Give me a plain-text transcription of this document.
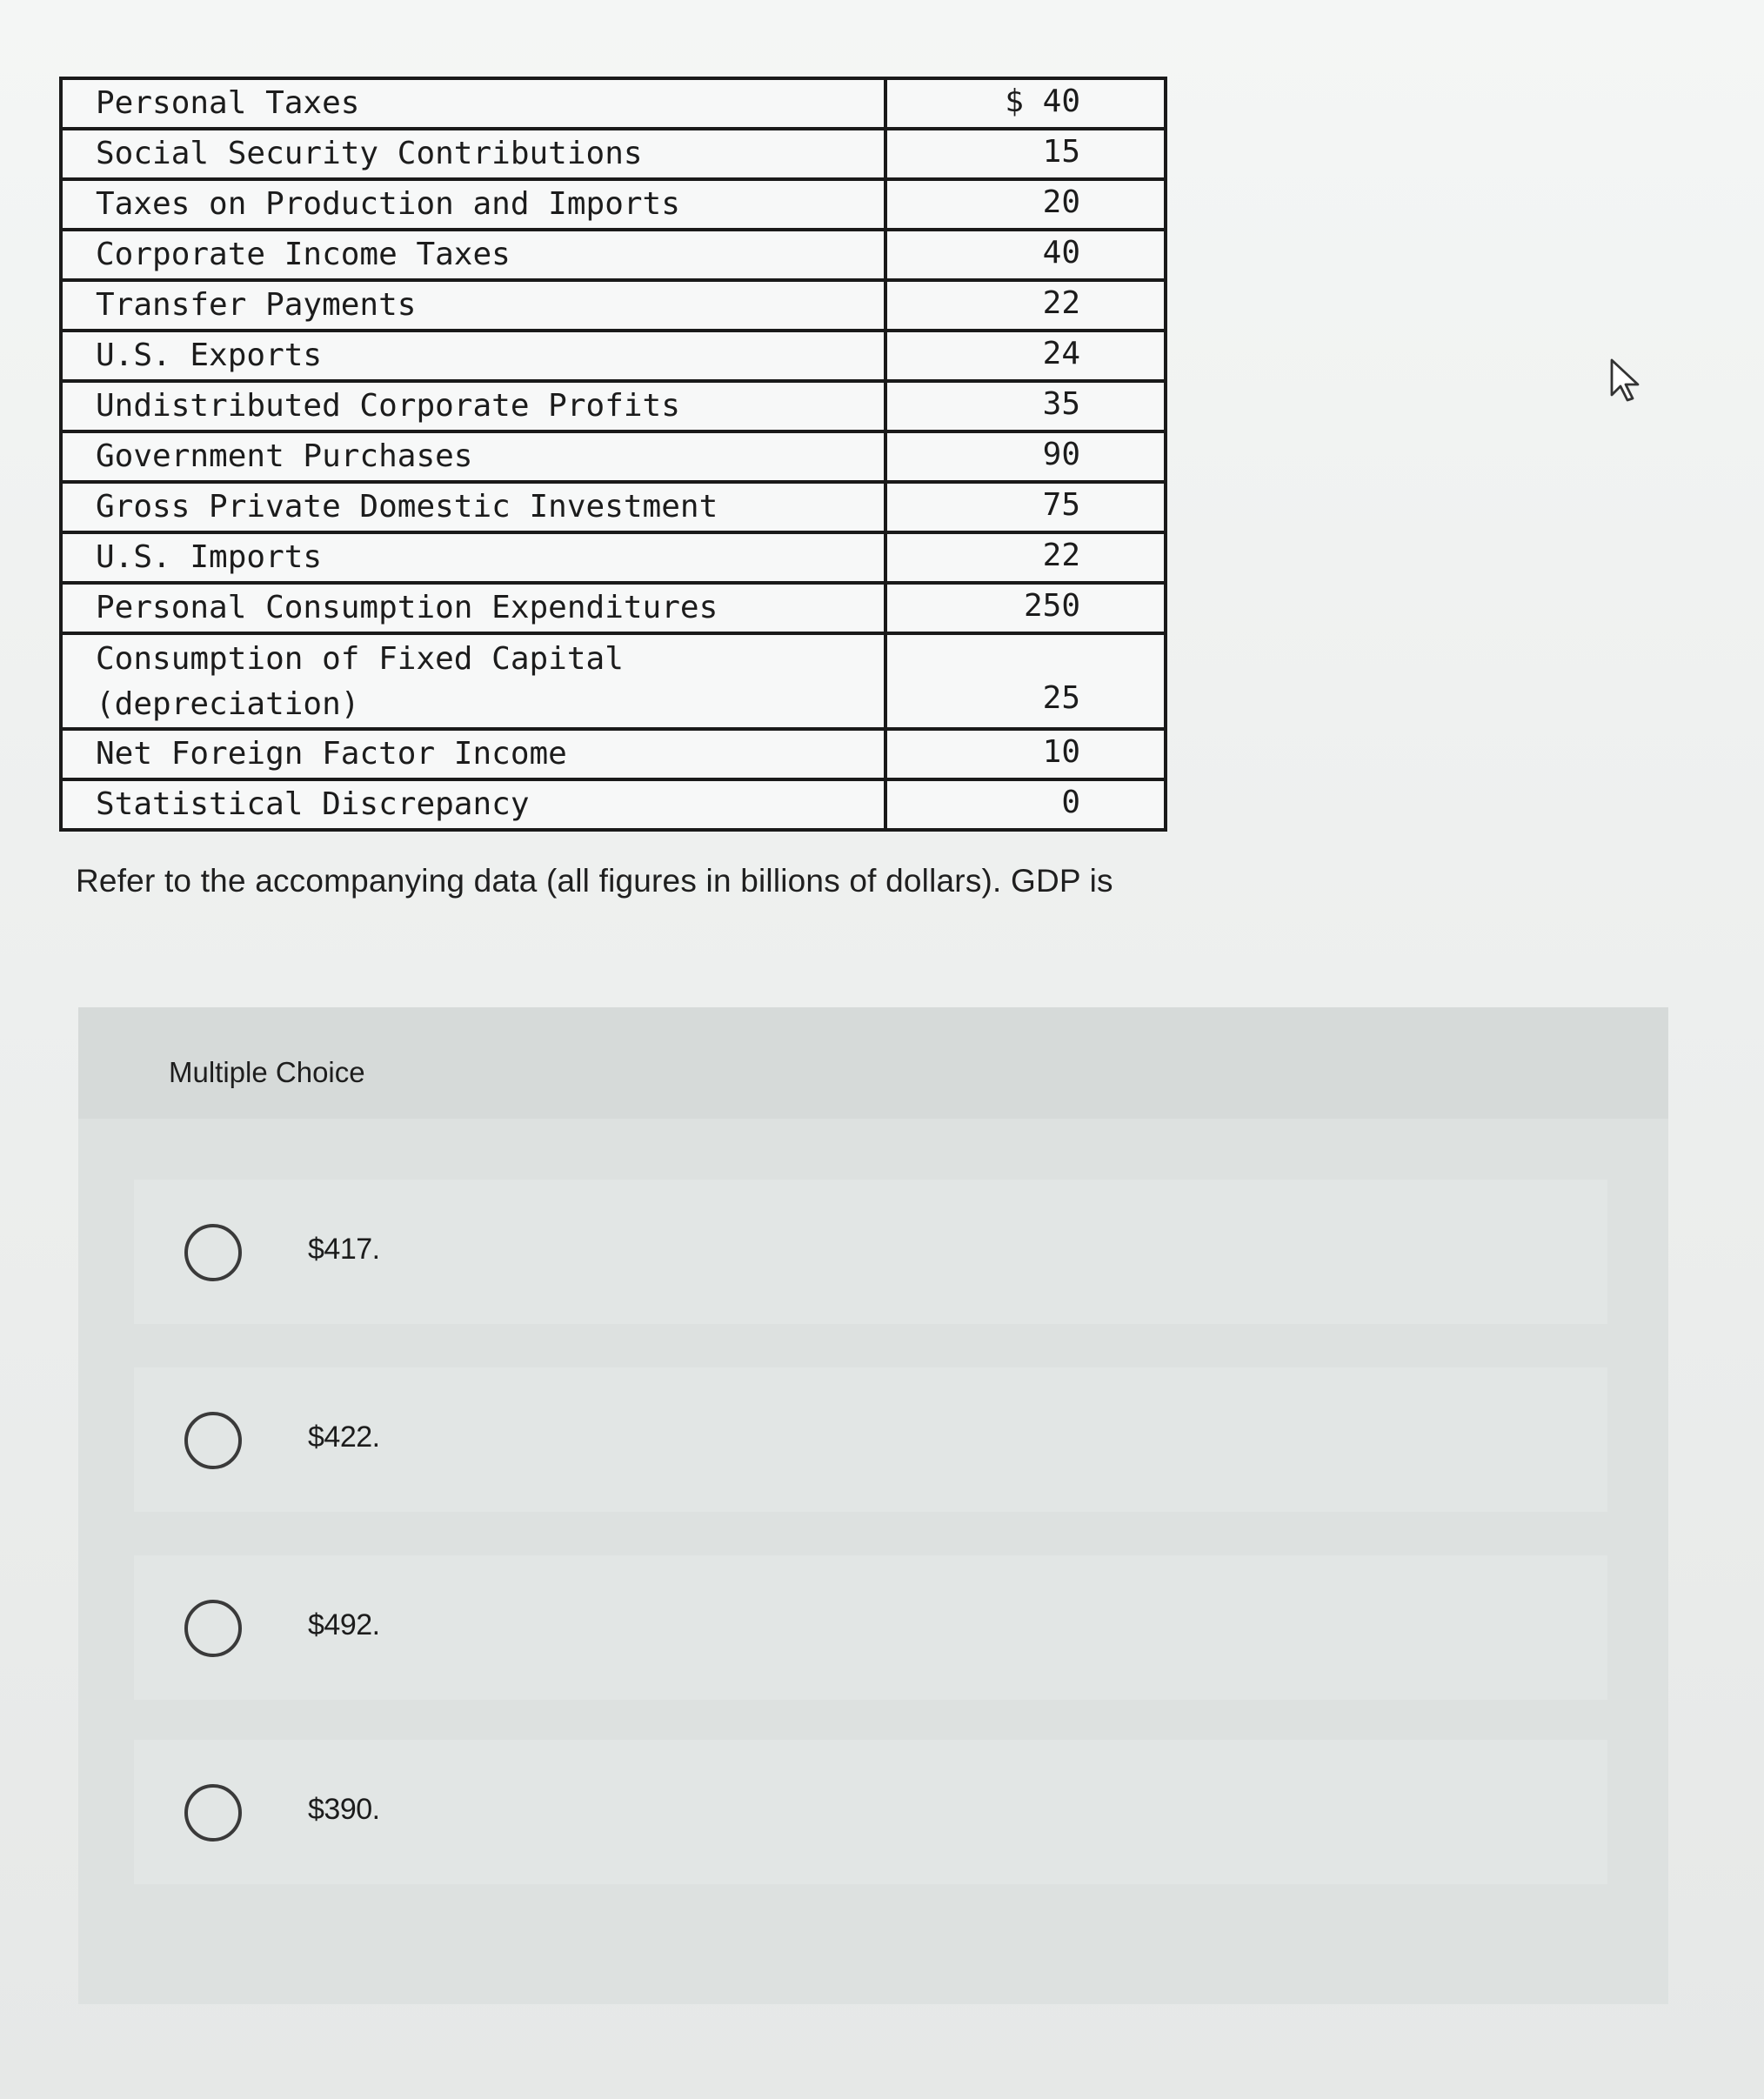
Personal Taxes	$ 40
Social Security Contributions	15
Taxes on Production and Imports	20
Corporate Income Taxes	40
Transfer Payments	22
U.S. Exports	24
Undistributed Corporate Profits	35
Government Purchases	90
Gross Private Domestic Investment	75
U.S. Imports	22
Personal Consumption Expenditures	250

Consumption of Fixed Capital
(depreciation)	25
Net Foreign Factor Income	10
Statistical Discrepancy	0
Refer to the accompanying data (all figures in billions of dollars). GDP is
Multiple Choice
$417.
$422.
$492.
$390.
